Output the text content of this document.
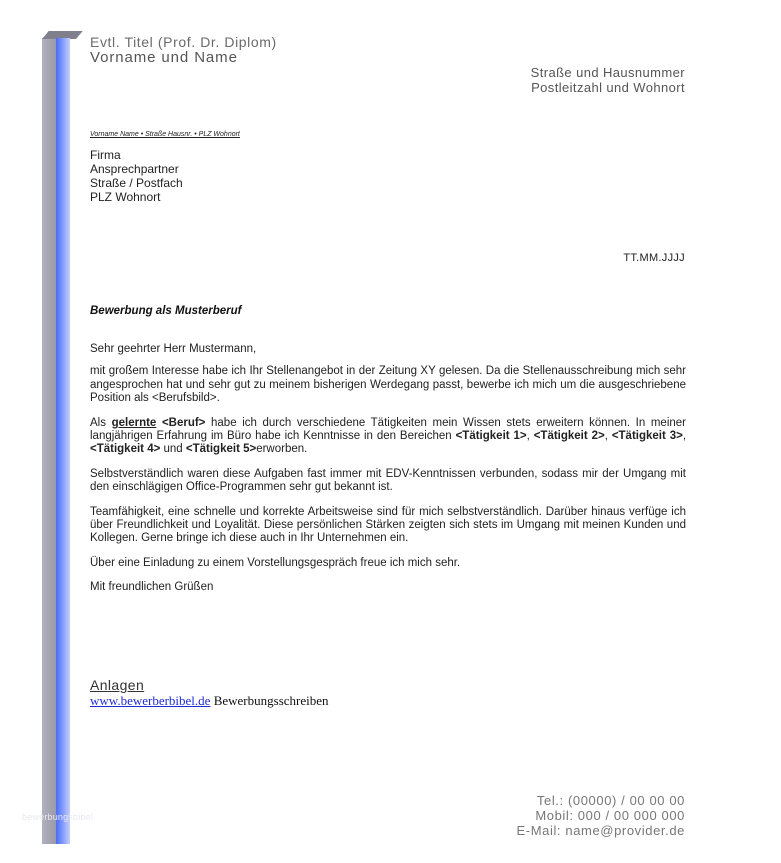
bewerbungsbibel
Evtl. Titel (Prof. Dr. Diplom)
Vorname und Name
Straße und Hausnummer
Postleitzahl und Wohnort
Vorname Name • Straße Hausnr. • PLZ Wohnort
Firma
Ansprechpartner
Straße / Postfach
PLZ Wohnort
TT.MM.JJJJ
Bewerbung als Musterberuf

Sehr geehrter Herr Mustermann,

mit großem Interesse habe ich Ihr Stellenangebot in der Zeitung XY gelesen. Da die Stellenausschreibung mich sehr angesprochen hat und sehr gut zu meinem bisherigen Werdegang passt, bewerbe ich mich um die ausgeschriebene Position als <Berufsbild>.

Als gelernte <Beruf> habe ich durch verschiedene Tätigkeiten mein Wissen stets erweitern können. In meiner langjährigen Erfahrung im Büro habe ich Kenntnisse in den Bereichen <Tätigkeit 1>, <Tätigkeit 2>, <Tätigkeit 3>, <Tätigkeit 4> und <Tätigkeit 5>erworben.

Selbstverständlich waren diese Aufgaben fast immer mit EDV-Kenntnissen verbunden, sodass mir der Umgang mit den einschlägigen Office-Programmen sehr gut bekannt ist.

Teamfähigkeit, eine schnelle und korrekte Arbeitsweise sind für mich selbstverständlich. Darüber hinaus verfüge ich über Freundlichkeit und Loyalität. Diese persönlichen Stärken zeigten sich stets im Umgang mit meinen Kunden und Kollegen. Gerne bringe ich diese auch in Ihr Unternehmen ein.

Über eine Einladung zu einem Vorstellungsgespräch freue ich mich sehr.

Mit freundlichen Grüßen

Anlagen
www.bewerberbibel.de Bewerbungsschreiben
Tel.: (00000) / 00 00 00
Mobil: 000 / 00 000 000
E-Mail: name@provider.de
